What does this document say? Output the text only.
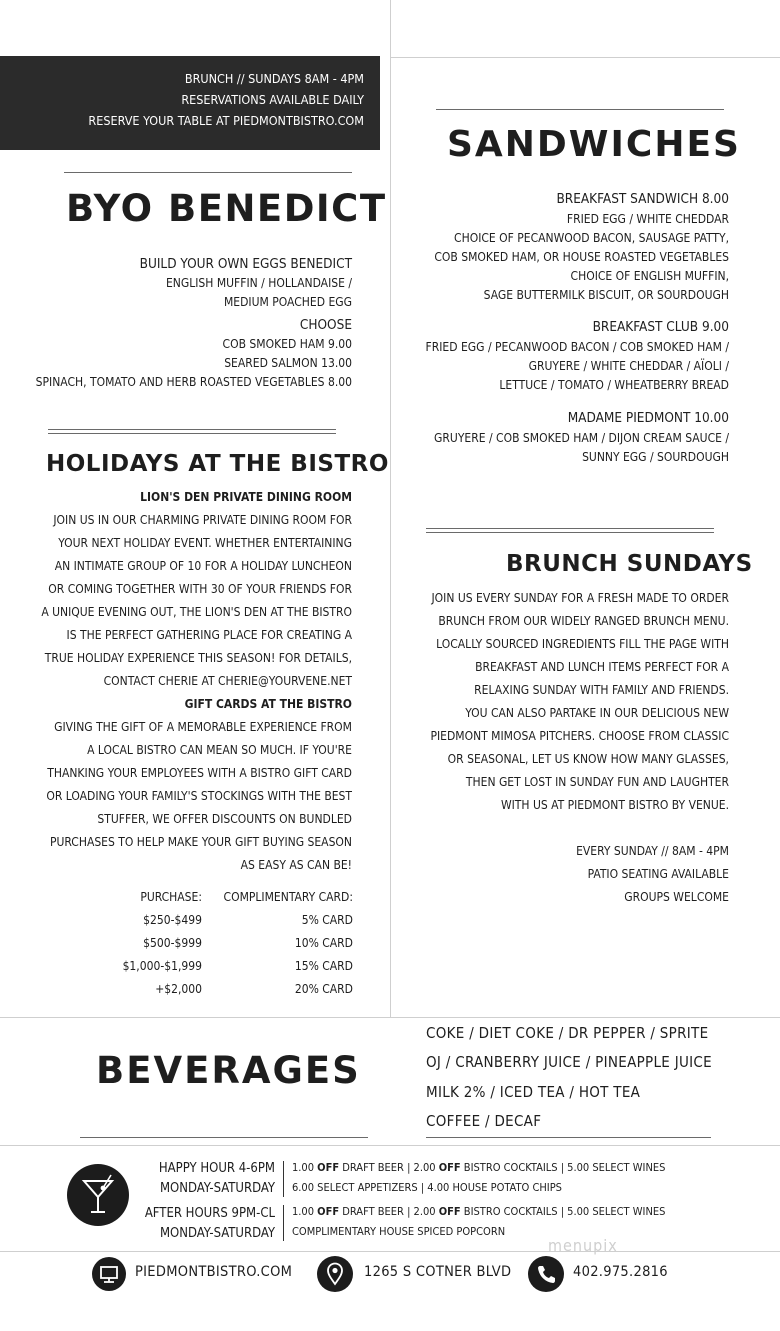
BRUNCH // SUNDAYS 8AM - 4PM
RESERVATIONS AVAILABLE DAILY
RESERVE YOUR TABLE AT PIEDMONTBISTRO.COM
BYO BENEDICT
BUILD YOUR OWN EGGS BENEDICT
ENGLISH MUFFIN / HOLLANDAISE /
MEDIUM POACHED EGG
CHOOSE
COB SMOKED HAM 9.00
SEARED SALMON 13.00
SPINACH, TOMATO AND HERB ROASTED VEGETABLES 8.00
HOLIDAYS AT THE BISTRO
LION'S DEN PRIVATE DINING ROOM
JOIN US IN OUR CHARMING PRIVATE DINING ROOM FOR
YOUR NEXT HOLIDAY EVENT. WHETHER ENTERTAINING
AN INTIMATE GROUP OF 10 FOR A HOLIDAY LUNCHEON
OR COMING TOGETHER WITH 30 OF YOUR FRIENDS FOR
A UNIQUE EVENING OUT, THE LION'S DEN AT THE BISTRO
IS THE PERFECT GATHERING PLACE FOR CREATING A
TRUE HOLIDAY EXPERIENCE THIS SEASON! FOR DETAILS,
CONTACT CHERIE AT CHERIE@YOURVENE.NET
GIFT CARDS AT THE BISTRO
GIVING THE GIFT OF A MEMORABLE EXPERIENCE FROM
A LOCAL BISTRO CAN MEAN SO MUCH. IF YOU'RE
THANKING YOUR EMPLOYEES WITH A BISTRO GIFT CARD
OR LOADING YOUR FAMILY'S STOCKINGS WITH THE BEST
STUFFER, WE OFFER DISCOUNTS ON BUNDLED
PURCHASES TO HELP MAKE YOUR GIFT BUYING SEASON
AS EASY AS CAN BE!
PURCHASE: COMPLIMENTARY CARD:
$250-$499	5% CARD
$500-$999	10% CARD
$1,000-$1,999	15% CARD
+$2,000	20% CARD
SANDWICHES
BREAKFAST SANDWICH 8.00
FRIED EGG / WHITE CHEDDAR
CHOICE OF PECANWOOD BACON, SAUSAGE PATTY,
COB SMOKED HAM, OR HOUSE ROASTED VEGETABLES
CHOICE OF ENGLISH MUFFIN,
SAGE BUTTERMILK BISCUIT, OR SOURDOUGH
BREAKFAST CLUB 9.00
FRIED EGG / PECANWOOD BACON / COB SMOKED HAM /
GRUYERE / WHITE CHEDDAR / AÏOLI /
LETTUCE / TOMATO / WHEATBERRY BREAD
MADAME PIEDMONT 10.00
GRUYERE / COB SMOKED HAM / DIJON CREAM SAUCE /
SUNNY EGG / SOURDOUGH
BRUNCH SUNDAYS
JOIN US EVERY SUNDAY FOR A FRESH MADE TO ORDER
BRUNCH FROM OUR WIDELY RANGED BRUNCH MENU.
LOCALLY SOURCED INGREDIENTS FILL THE PAGE WITH
BREAKFAST AND LUNCH ITEMS PERFECT FOR A
RELAXING SUNDAY WITH FAMILY AND FRIENDS.
YOU CAN ALSO PARTAKE IN OUR DELICIOUS NEW
PIEDMONT MIMOSA PITCHERS. CHOOSE FROM CLASSIC
OR SEASONAL, LET US KNOW HOW MANY GLASSES,
THEN GET LOST IN SUNDAY FUN AND LAUGHTER
WITH US AT PIEDMONT BISTRO BY VENUE.
EVERY SUNDAY // 8AM - 4PM
PATIO SEATING AVAILABLE
GROUPS WELCOME
BEVERAGES
COKE / DIET COKE / DR PEPPER / SPRITE
OJ / CRANBERRY JUICE / PINEAPPLE JUICE
MILK 2% / ICED TEA / HOT TEA
COFFEE / DECAF
HAPPY HOUR 4-6PM
MONDAY-SATURDAY
1.00 OFF DRAFT BEER | 2.00 OFF BISTRO COCKTAILS | 5.00 SELECT WINES
6.00 SELECT APPETIZERS | 4.00 HOUSE POTATO CHIPS
AFTER HOURS 9PM-CL
MONDAY-SATURDAY
1.00 OFF DRAFT BEER | 2.00 OFF BISTRO COCKTAILS | 5.00 SELECT WINES
COMPLIMENTARY HOUSE SPICED POPCORN
menupix
PIEDMONTBISTRO.COM	1265 S COTNER BLVD	402.975.2816
